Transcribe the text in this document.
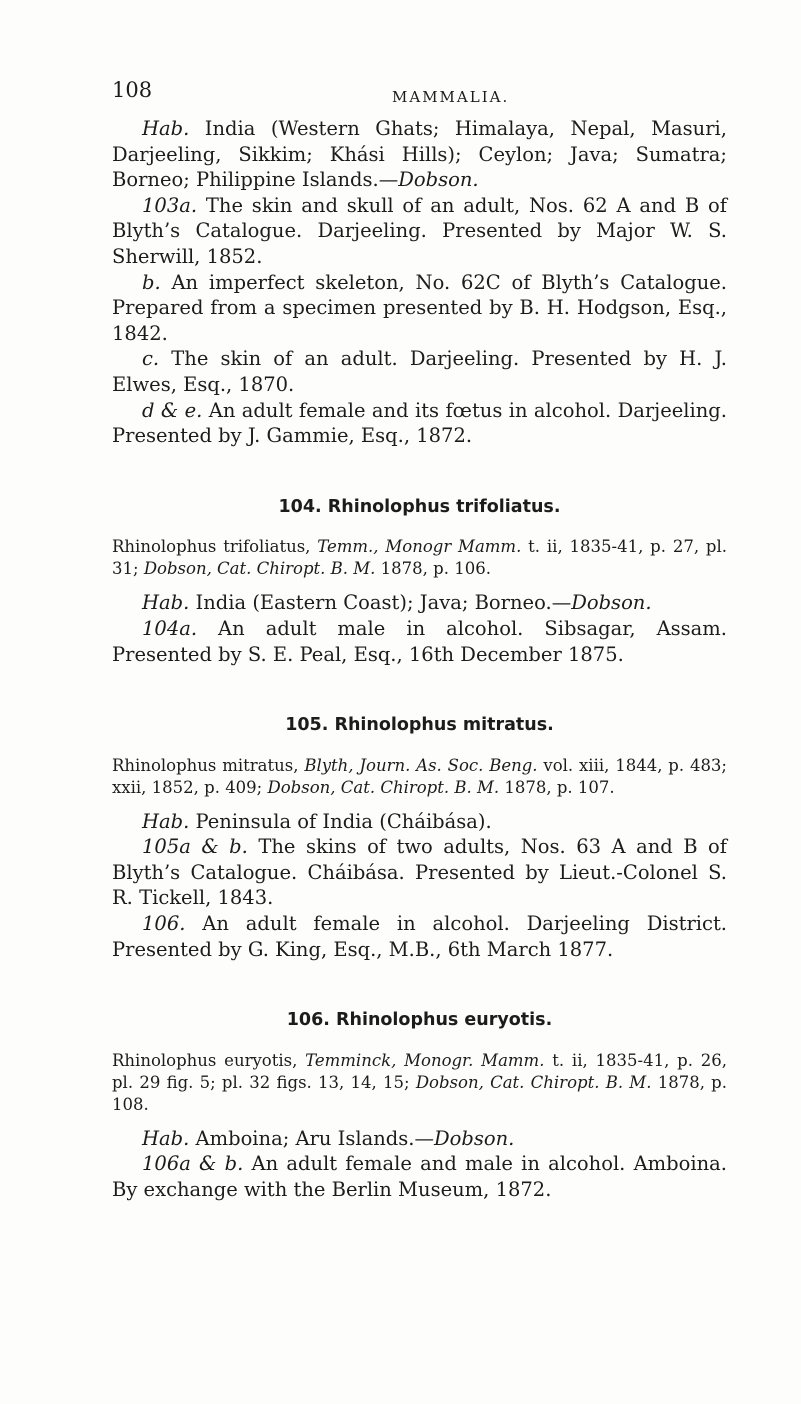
108	MAMMALIA.

Hab. India (Western Ghats; Himalaya, Nepal, Masuri, Darjeeling, Sikkim; Khási Hills); Ceylon; Java; Sumatra; Borneo; Philippine Islands.—Dobson.

103a. The skin and skull of an adult, Nos. 62 A and B of Blyth’s Catalogue. Darjeeling. Presented by Major W. S. Sherwill, 1852.

b. An imperfect skeleton, No. 62C of Blyth’s Catalogue. Prepared from a specimen presented by B. H. Hodgson, Esq., 1842.

c. The skin of an adult. Darjeeling. Presented by H. J. Elwes, Esq., 1870.

d & e. An adult female and its fœtus in alcohol. Darjeeling. Presented by J. Gammie, Esq., 1872.

104. Rhinolophus trifoliatus.

Rhinolophus trifoliatus, Temm., Monogr Mamm. t. ii, 1835-41, p. 27, pl. 31; Dobson, Cat. Chiropt. B. M. 1878, p. 106.

Hab. India (Eastern Coast); Java; Borneo.—Dobson.

104a. An adult male in alcohol. Sibsagar, Assam. Presented by S. E. Peal, Esq., 16th December 1875.

105. Rhinolophus mitratus.

Rhinolophus mitratus, Blyth, Journ. As. Soc. Beng. vol. xiii, 1844, p. 483; xxii, 1852, p. 409; Dobson, Cat. Chiropt. B. M. 1878, p. 107.

Hab. Peninsula of India (Cháibása).

105a & b. The skins of two adults, Nos. 63 A and B of Blyth’s Catalogue. Cháibása. Presented by Lieut.-Colonel S. R. Tickell, 1843.

106. An adult female in alcohol. Darjeeling District. Presented by G. King, Esq., M.B., 6th March 1877.

106. Rhinolophus euryotis.

Rhinolophus euryotis, Temminck, Monogr. Mamm. t. ii, 1835-41, p. 26, pl. 29 fig. 5; pl. 32 figs. 13, 14, 15; Dobson, Cat. Chiropt. B. M. 1878, p. 108.

Hab. Amboina; Aru Islands.—Dobson.

106a & b. An adult female and male in alcohol. Amboina. By exchange with the Berlin Museum, 1872.
